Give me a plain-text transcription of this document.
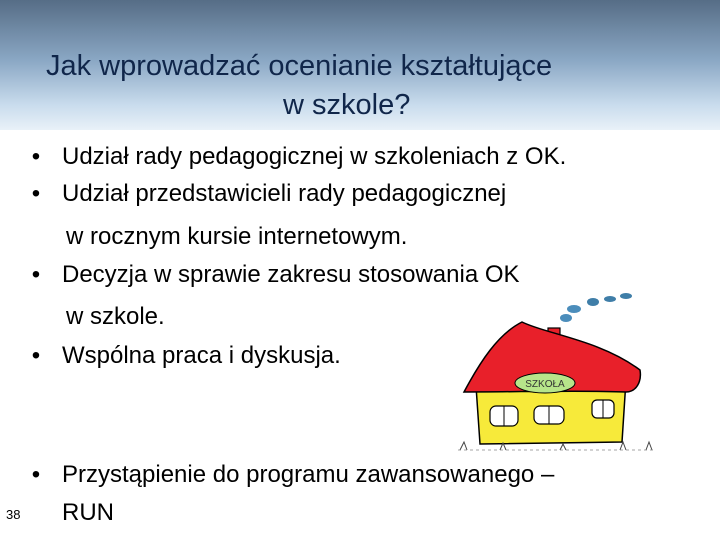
Jak wprowadzać ocenianie kształtujące
w szkole?
• Udział rady pedagogicznej w szkoleniach z OK.
• Udział przedstawicieli rady pedagogicznej
w rocznym kursie internetowym.
• Decyzja w sprawie zakresu stosowania OK
w szkole.
• Wspólna praca i dyskusja.
• Przystąpienie do programu zawansowanego –
RUN
38
SZKOŁA
